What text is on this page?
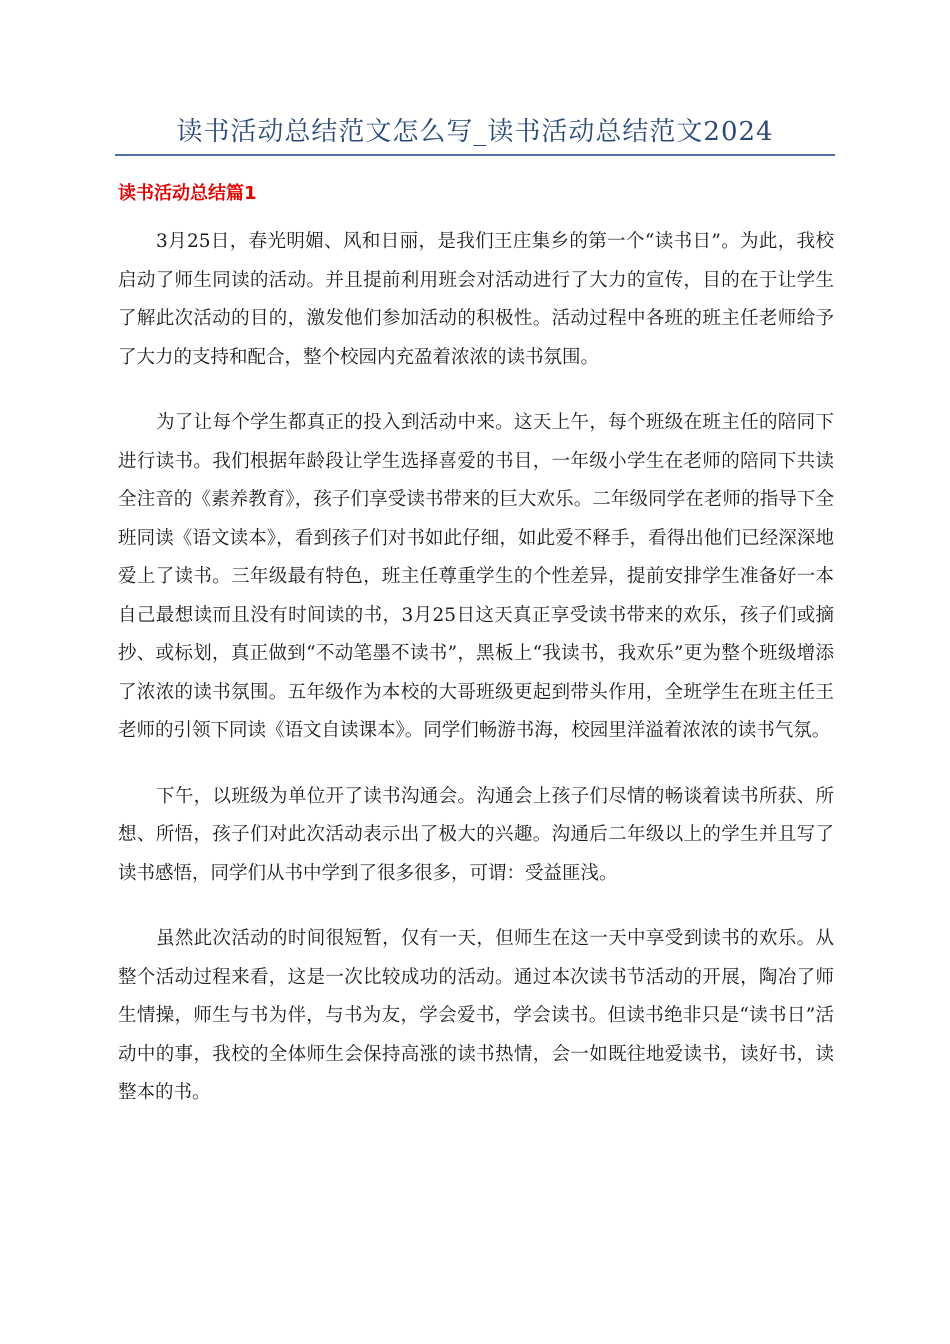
读书活动总结范文怎么写_读书活动总结范文2024
读书活动总结篇1

3月25日，春光明媚、风和日丽，是我们王庄集乡的第一个“读书日”。为此，我校启动了师生同读的活动。并且提前利用班会对活动进行了大力的宣传，目的在于让学生了解此次活动的目的，激发他们参加活动的积极性。活动过程中各班的班主任老师给予了大力的支持和配合，整个校园内充盈着浓浓的读书氛围。

为了让每个学生都真正的投入到活动中来。这天上午，每个班级在班主任的陪同下进行读书。我们根据年龄段让学生选择喜爱的书目，一年级小学生在老师的陪同下共读全注音的《素养教育》，孩子们享受读书带来的巨大欢乐。二年级同学在老师的指导下全班同读《语文读本》，看到孩子们对书如此仔细，如此爱不释手，看得出他们已经深深地爱上了读书。三年级最有特色，班主任尊重学生的个性差异，提前安排学生准备好一本自己最想读而且没有时间读的书，3月25日这天真正享受读书带来的欢乐，孩子们或摘抄、或标划，真正做到“不动笔墨不读书”，黑板上“我读书，我欢乐”更为整个班级增添了浓浓的读书氛围。五年级作为本校的大哥班级更起到带头作用，全班学生在班主任王老师的引领下同读《语文自读课本》。同学们畅游书海，校园里洋溢着浓浓的读书气氛。

下午，以班级为单位开了读书沟通会。沟通会上孩子们尽情的畅谈着读书所获、所想、所悟，孩子们对此次活动表示出了极大的兴趣。沟通后二年级以上的学生并且写了读书感悟，同学们从书中学到了很多很多，可谓：受益匪浅。

虽然此次活动的时间很短暂，仅有一天，但师生在这一天中享受到读书的欢乐。从整个活动过程来看，这是一次比较成功的活动。通过本次读书节活动的开展，陶冶了师生情操，师生与书为伴，与书为友，学会爱书，学会读书。但读书绝非只是“读书日”活动中的事，我校的全体师生会保持高涨的读书热情，会一如既往地爱读书，读好书，读整本的书。
